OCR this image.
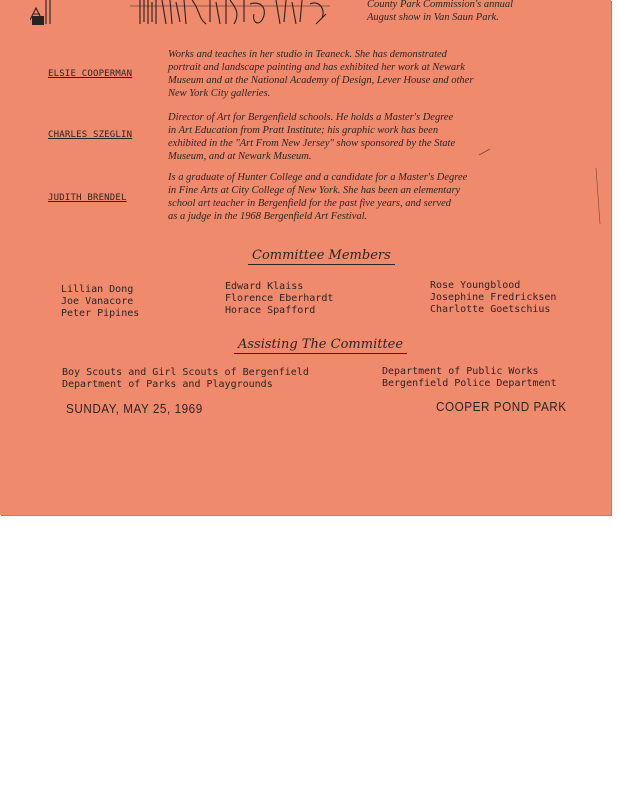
County Park Commission's annual
August show in Van Saun Park.
ELSIE COOPERMAN
Works and teaches in her studio in Teaneck. She has demonstrated
portrait and landscape painting and has exhibited her work at Newark
Museum and at the National Academy of Design, Lever House and other
New York City galleries.
CHARLES SZEGLIN
Director of Art for Bergenfield schools. He holds a Master's Degree
in Art Education from Pratt Institute; his graphic work has been
exhibited in the "Art From New Jersey" show sponsored by the State
Museum, and at Newark Museum.
JUDITH BRENDEL
Is a graduate of Hunter College and a candidate for a Master's Degree
in Fine Arts at City College of New York. She has been an elementary
school art teacher in Bergenfield for the past five years, and served
as a judge in the 1968 Bergenfield Art Festival.
Committee Members
Lillian Dong
Joe Vanacore
Peter Pipines
Edward Klaiss
Florence Eberhardt
Horace Spafford
Rose Youngblood
Josephine Fredricksen
Charlotte Goetschius
Assisting The Committee
Boy Scouts and Girl Scouts of Bergenfield
Department of Parks and Playgrounds
Department of Public Works
Bergenfield Police Department
SUNDAY, MAY 25, 1969	COOPER POND PARK
